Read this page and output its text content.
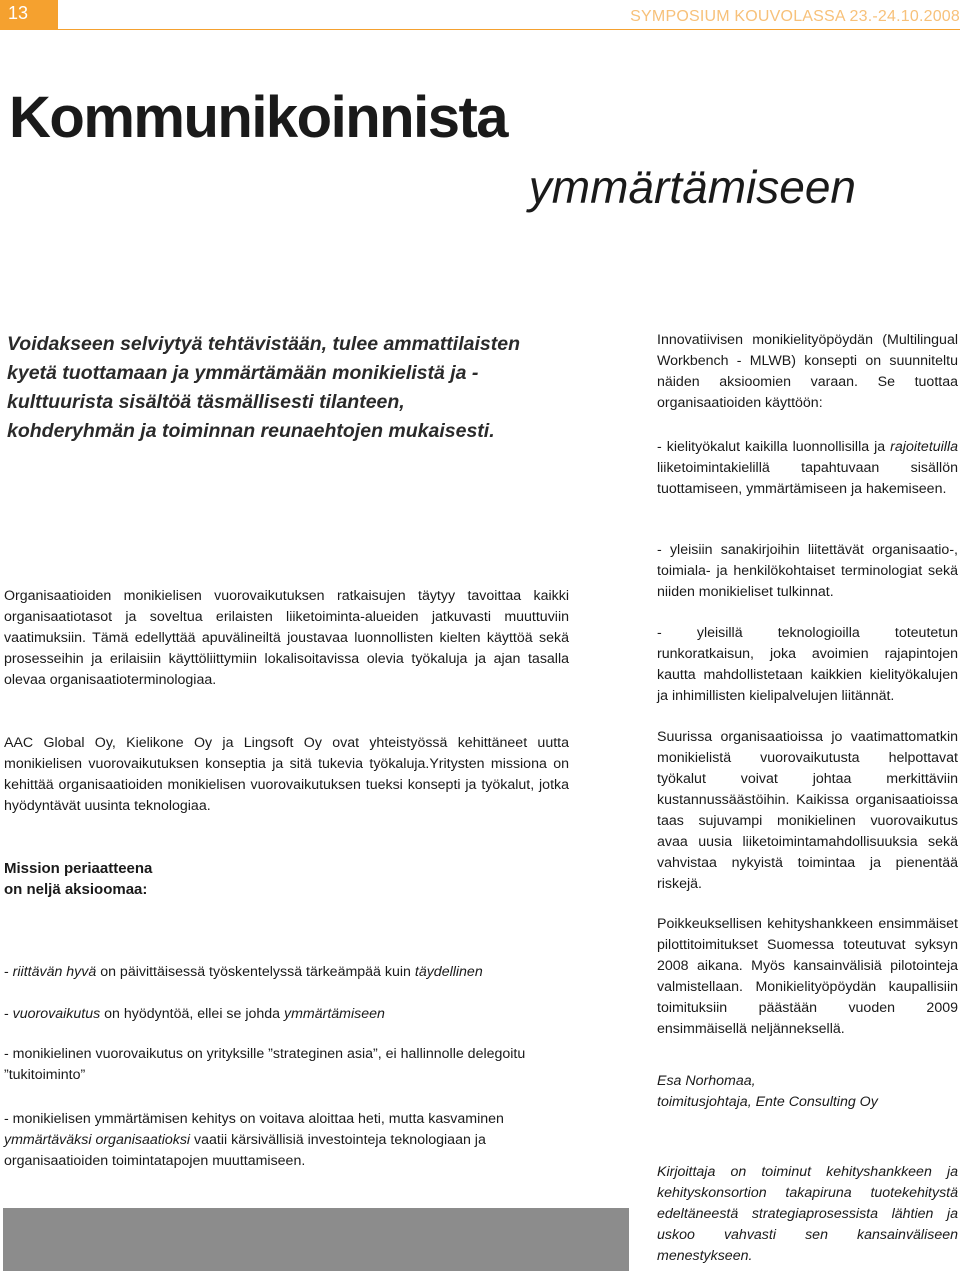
13	SYMPOSIUM KOUVOLASSA 23.-24.10.2008
Kommunikoinnista
ymmärtämiseen
Voidakseen selviytyä tehtävistään, tulee ammattilaisten kyetä tuottamaan ja ymmärtämään monikielistä ja -kulttuurista sisältöä täsmällisesti tilanteen, kohderyhmän ja toiminnan reunaehtojen mukaisesti.

Innovatiivisen monikielityöpöydän (Multilingual Workbench - MLWB) konsepti on suunniteltu näiden aksioomien varaan. Se tuottaa organisaatioiden käyttöön:

- kielityökalut kaikilla luonnollisilla ja rajoitetuilla liiketoimintakielillä tapahtuvaan sisällön tuottamiseen, ymmärtämiseen ja hakemiseen.

- yleisiin sanakirjoihin liitettävät organisaatio-, toimiala- ja henkilökohtaiset terminologiat sekä niiden monikieliset tulkinnat.

- yleisillä teknologioilla toteutetun runkoratkaisun, joka avoimien rajapintojen kautta mahdollistetaan kaikkien kielityökalujen ja inhimillisten kielipalvelujen liitännät.

Suurissa organisaatioissa jo vaatimattomatkin monikielistä vuorovaikutusta helpottavat työkalut voivat johtaa merkittäviin kustannussäästöihin. Kaikissa organisaatioissa taas sujuvampi monikielinen vuorovaikutus avaa uusia liiketoimintamahdollisuuksia sekä vahvistaa nykyistä toimintaa ja pienentää riskejä.

Poikkeuksellisen kehityshankkeen ensimmäiset pilottitoimitukset Suomessa toteutuvat syksyn 2008 aikana. Myös kansainvälisiä pilotointeja valmistellaan. Monikielityöpöydän kaupallisiin toimituksiin päästään vuoden 2009 ensimmäisellä neljänneksellä.

Esa Norhomaa,
toimitusjohtaja, Ente Consulting Oy

Kirjoittaja on toiminut kehityshankkeen ja kehityskonsortion takapiruna tuotekehitystä edeltäneestä strategiaprosessista lähtien ja uskoo vahvasti sen kansainväliseen menestykseen.

Organisaatioiden monikielisen vuorovaikutuksen ratkaisujen täytyy tavoittaa kaikki organisaatiotasot ja soveltua erilaisten liiketoiminta-alueiden jatkuvasti muuttuviin vaatimuksiin. Tämä edellyttää apuvälineiltä joustavaa luonnollisten kielten käyttöä sekä prosesseihin ja erilaisiin käyttöliittymiin lokalisoitavissa olevia työkaluja ja ajan tasalla olevaa organisaatioterminologiaa.

AAC Global Oy, Kielikone Oy ja Lingsoft Oy ovat yhteistyössä kehittäneet uutta monikielisen vuorovaikutuksen konseptia ja sitä tukevia työkaluja.Yritysten missiona on kehittää organisaatioiden monikielisen vuorovaikutuksen tueksi konsepti ja työkalut, jotka hyödyntävät uusinta teknologiaa.

Mission periaatteena
on neljä aksioomaa:

- riittävän hyvä on päivittäisessä työskentelyssä tärkeämpää kuin täydellinen

- vuorovaikutus on hyödyntöä, ellei se johda ymmärtämiseen

- monikielinen vuorovaikutus on yrityksille ”strateginen asia”, ei hallinnolle delegoitu ”tukitoiminto”

- monikielisen ymmärtämisen kehitys on voitava aloittaa heti, mutta kasvaminen ymmärtäväksi organisaatioksi vaatii kärsivällisiä investointeja teknologiaan ja organisaatioiden toimintatapojen muuttamiseen.
